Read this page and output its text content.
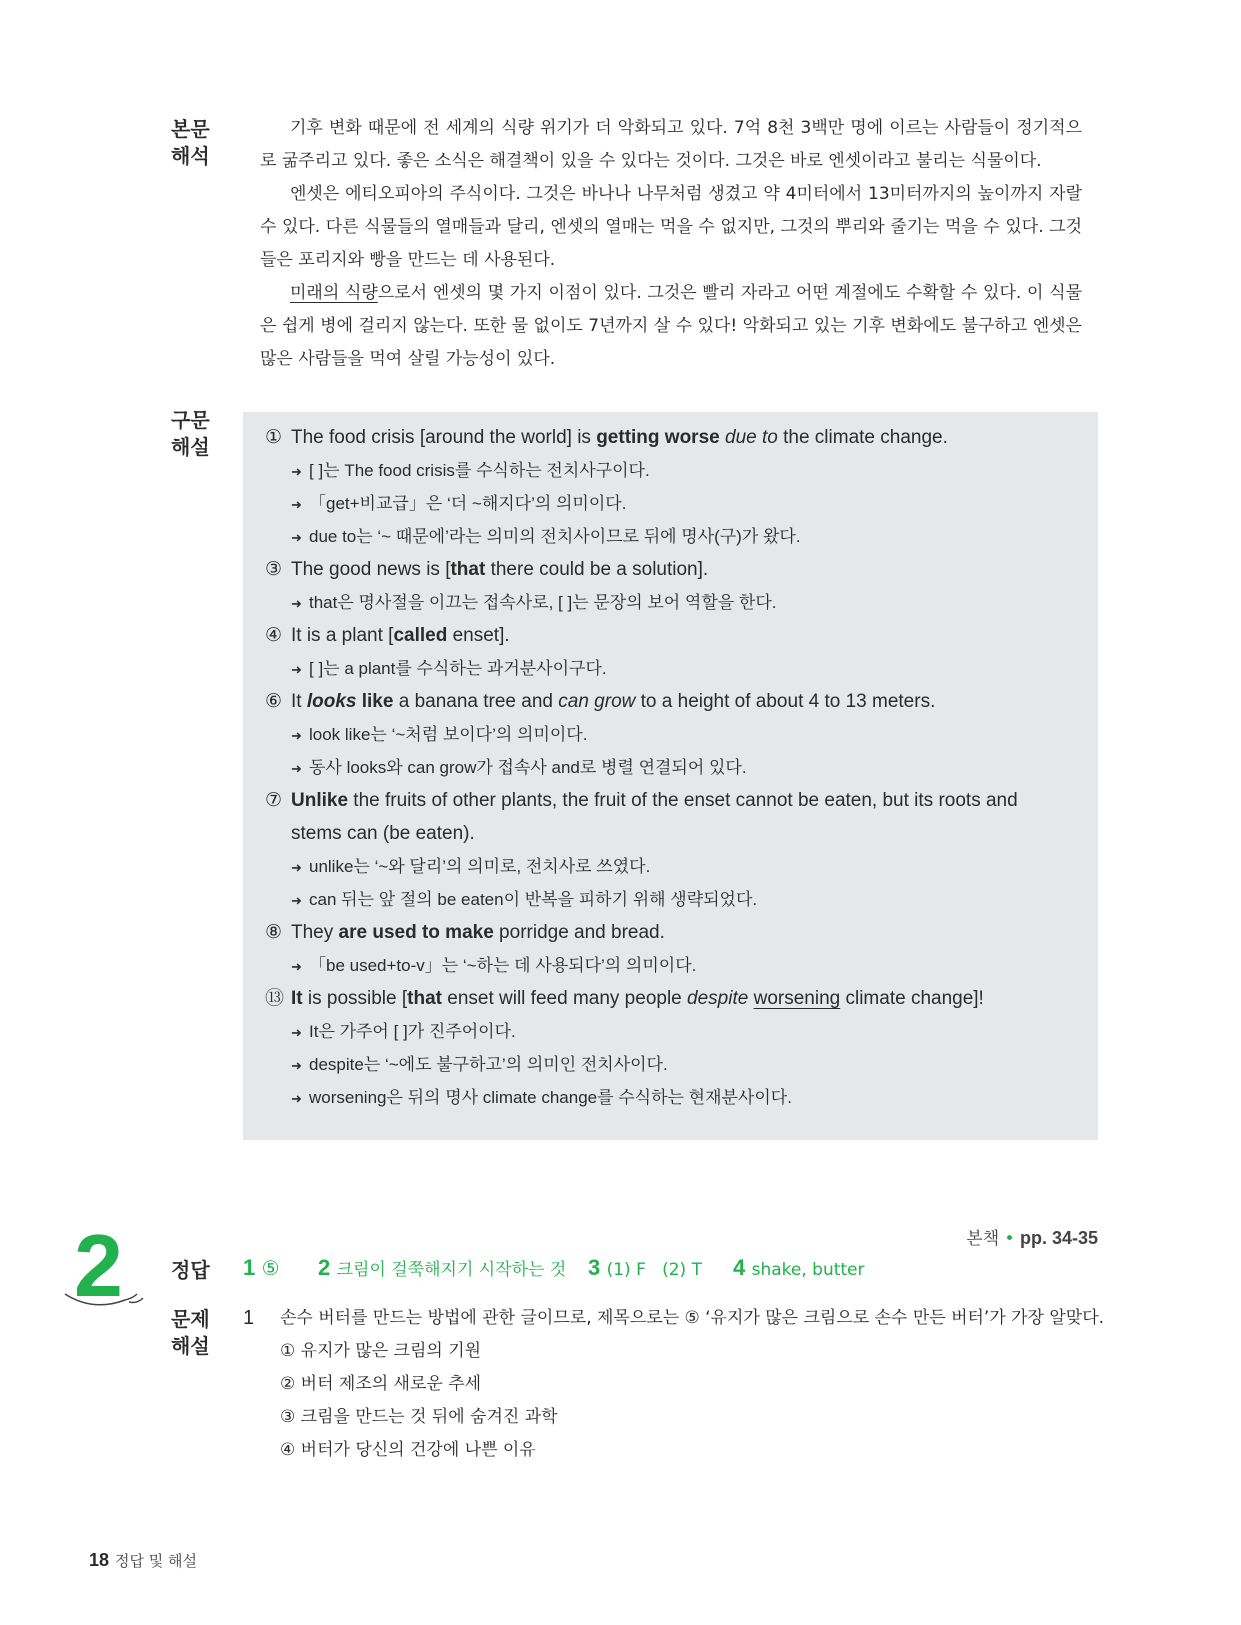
본문
해석

기후 변화 때문에 전 세계의 식량 위기가 더 악화되고 있다. 7억 8천 3백만 명에 이르는 사람들이 정기적으로 굶주리고 있다. 좋은 소식은 해결책이 있을 수 있다는 것이다. 그것은 바로 엔셋이라고 불리는 식물이다.

엔셋은 에티오피아의 주식이다. 그것은 바나나 나무처럼 생겼고 약 4미터에서 13미터까지의 높이까지 자랄 수 있다. 다른 식물들의 열매들과 달리, 엔셋의 열매는 먹을 수 없지만, 그것의 뿌리와 줄기는 먹을 수 있다. 그것들은 포리지와 빵을 만드는 데 사용된다.

미래의 식량으로서 엔셋의 몇 가지 이점이 있다. 그것은 빨리 자라고 어떤 계절에도 수확할 수 있다. 이 식물은 쉽게 병에 걸리지 않는다. 또한 물 없이도 7년까지 살 수 있다! 악화되고 있는 기후 변화에도 불구하고 엔셋은 많은 사람들을 먹여 살릴 가능성이 있다.

구문
해설	① The food crisis [around the world] is getting worse due to the climate change.
➜ [ ]는 The food crisis를 수식하는 전치사구이다.
➜ 「get+비교급」은 ‘더 ~해지다’의 의미이다.
➜ due to는 ‘~ 때문에’라는 의미의 전치사이므로 뒤에 명사(구)가 왔다.
③ The good news is [that there could be a solution].
➜ that은 명사절을 이끄는 접속사로, [ ]는 문장의 보어 역할을 한다.
④ It is a plant [called enset].
➜ [ ]는 a plant를 수식하는 과거분사이구다.
⑥ It looks like a banana tree and can grow to a height of about 4 to 13 meters.
➜ look like는 ‘~처럼 보이다’의 의미이다.
➜ 동사 looks와 can grow가 접속사 and로 병렬 연결되어 있다.
⑦ Unlike the fruits of other plants, the fruit of the enset cannot be eaten, but its roots and
stems can (be eaten).
➜ unlike는 ‘~와 달리’의 의미로, 전치사로 쓰였다.
➜ can 뒤는 앞 절의 be eaten이 반복을 피하기 위해 생략되었다.
⑧ They are used to make porridge and bread.
➜ 「be used+to-v」는 ‘~하는 데 사용되다’의 의미이다.
⑬ It is possible [that enset will feed many people despite worsening climate change]!
➜ It은 가주어 [ ]가 진주어이다.
➜ despite는 ‘~에도 불구하고’의 의미인 전치사이다.
➜ worsening은 뒤의 명사 climate change를 수식하는 현재분사이다.
2	본책 • pp. 34-35
정답	1 ⑤ 2 크림이 걸쭉해지기 시작하는 것 3 (1) F   (2) T 4 shake, butter
문제
해설
1 손수 버터를 만드는 방법에 관한 글이므로, 제목으로는 ⑤ ‘유지가 많은 크림으로 손수 만든 버터’가 가장 알맞다.
① 유지가 많은 크림의 기원
② 버터 제조의 새로운 추세
③ 크림을 만드는 것 뒤에 숨겨진 과학
④ 버터가 당신의 건강에 나쁜 이유
18 정답 및 해설
